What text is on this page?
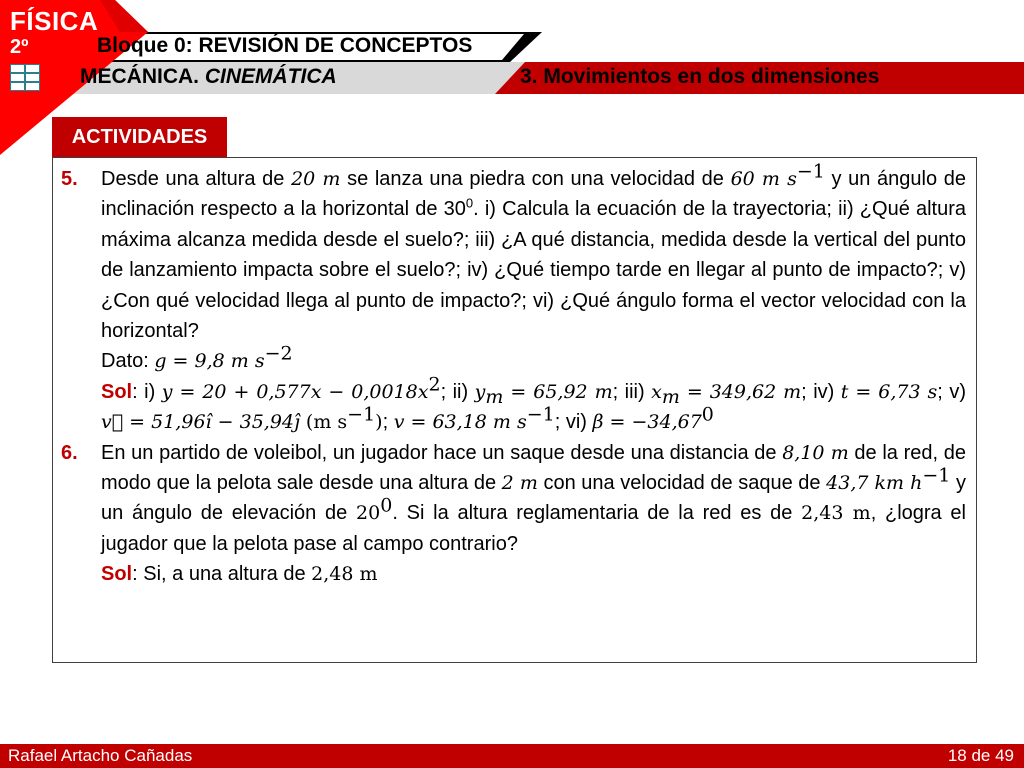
FÍSICA
2º	Bloque 0: REVISIÓN DE CONCEPTOS
MECÁNICA. CINEMÁTICA	3. Movimientos en dos dimensiones
ACTIVIDADES
5.	Desde una altura de 20 m se lanza una piedra con una velocidad de 60 m $s^{-1}$ y un ángulo de inclinación respecto a la horizontal de $30^0$. i) Calcula la ecuación de la trayectoria; ii) ¿Qué altura máxima alcanza medida desde el suelo?; iii) ¿A qué distancia, medida desde la vertical del punto de lanzamiento impacta sobre el suelo?; iv) ¿Qué tiempo tarde en llegar al punto de impacto?; v) ¿Con qué velocidad llega al punto de impacto?; vi) ¿Qué ángulo forma el vector velocidad con la horizontal?

Dato: g = 9,8 m $s^{-2}$

Sol: i) $y = 20 + 0,577x - 0,0018x^2$; ii) $y_m = 65,92$ m; iii) $x_m = 349,62$ m; iv) t = 6,73 s; v) v⃗ = 51,96î − 35,94ĵ (m $s^{-1}$); v = 63,18 m $s^{-1}$; vi) $\beta = -34,67^0$

6.	En un partido de voleibol, un jugador hace un saque desde una distancia de 8,10 m de la red, de modo que la pelota sale desde una altura de 2 m con una velocidad de saque de 43,7 km $h^{-1}$ y un ángulo de elevación de $20^0$. Si la altura reglamentaria de la red es de 2,43 m, ¿logra el jugador que la pelota pase al campo contrario?

Sol: Si, a una altura de 2,48 m

Rafael Artacho Cañadas	18 de 49
